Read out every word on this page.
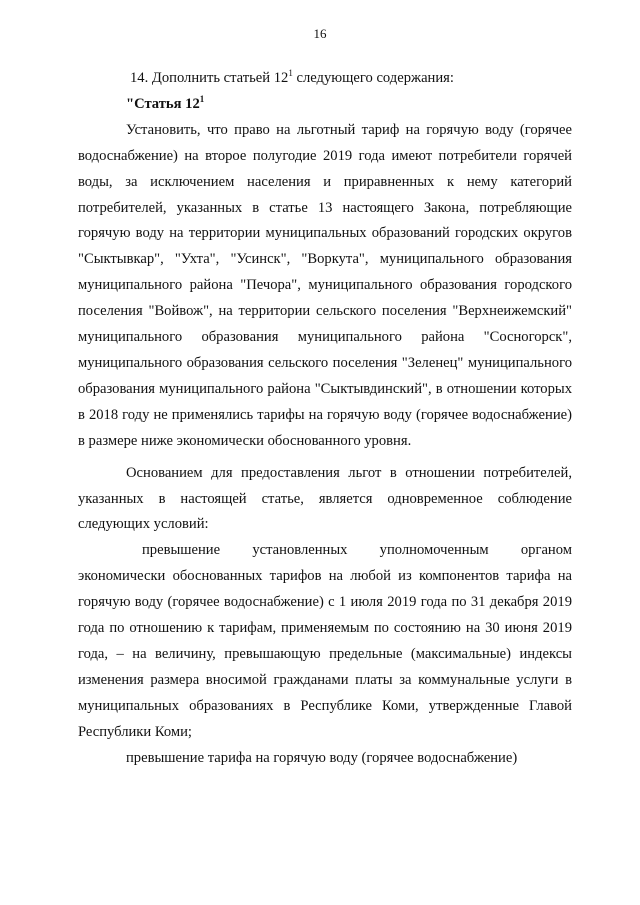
16

14. Дополнить статьей $12^1$ следующего содержания:

"Статья $12^1$

Установить, что право на льготный тариф на горячую воду (горячее водоснабжение) на второе полугодие 2019 года имеют потребители горячей воды, за исключением населения и приравненных к нему категорий потребителей, указанных в статье 13 настоящего Закона, потребляющие горячую воду на территории муниципальных образований городских округов "Сыктывкар", "Ухта", "Усинск", "Воркута", муниципального образования муниципального района "Печора", муниципального образования городского поселения "Войвож", на территории сельского поселения "Верхнеижемский" муниципального образования муниципального района "Сосногорск", муниципального образования сельского поселения "Зеленец" муниципального образования муниципального района "Сыктывдинский", в отношении которых в 2018 году не применялись тарифы на горячую воду (горячее водоснабжение) в размере ниже экономически обоснованного уровня.

Основанием для предоставления льгот в отношении потребителей, указанных в настоящей статье, является одновременное соблюдение следующих условий:

превышение установленных уполномоченным органом экономически обоснованных тарифов на любой из компонентов тарифа на горячую воду (горячее водоснабжение) с 1 июля 2019 года по 31 декабря 2019 года по отношению к тарифам, применяемым по состоянию на 30 июня 2019 года, – на величину, превышающую предельные (максимальные) индексы изменения размера вносимой гражданами платы за коммунальные услуги в муниципальных образованиях в Республике Коми, утвержденные Главой Республики Коми;

превышение тарифа на горячую воду (горячее водоснабжение)
